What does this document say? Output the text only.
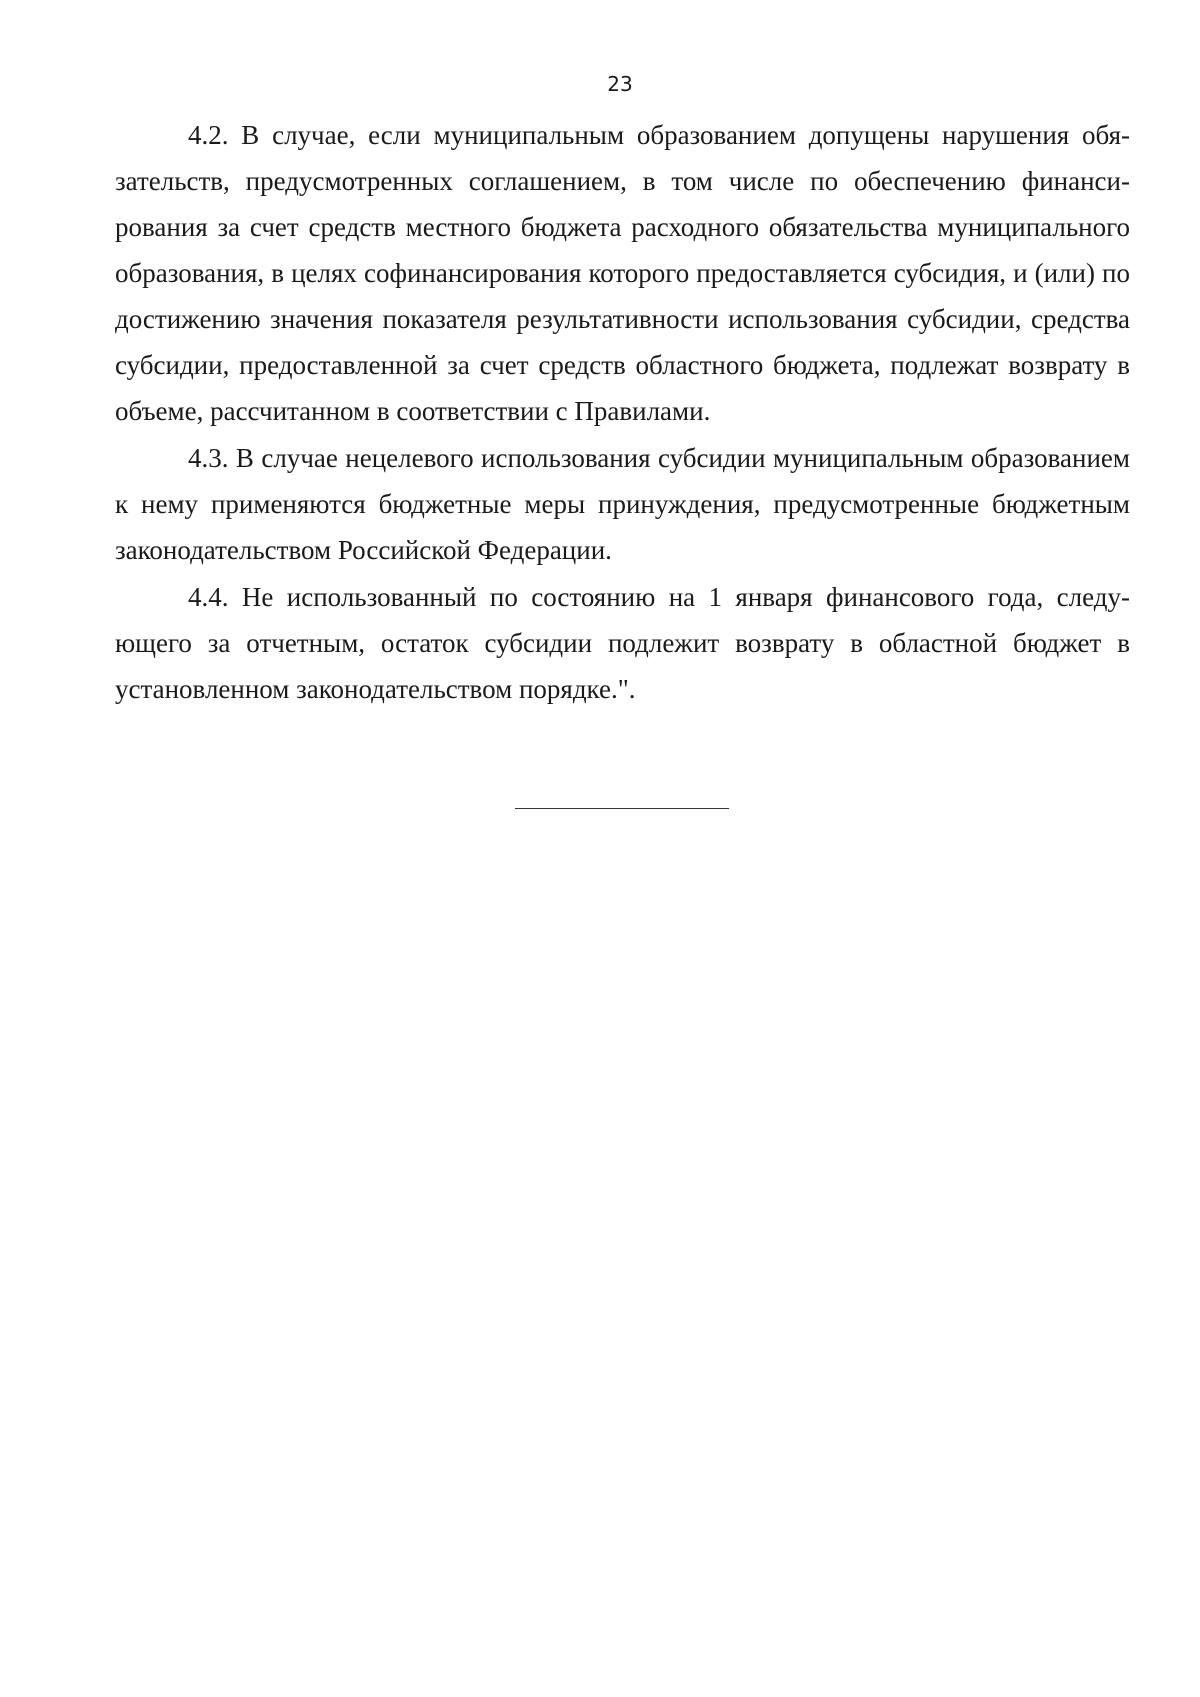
23

4.2. В случае, если муниципальным образованием допущены нарушения обязательств, предусмотренных соглашением, в том числе по обеспечению финансирования за счет средств местного бюджета расходного обязательства муниципального образования, в целях софинансирования которого предоставляется субсидия, и (или) по достижению значения показателя результативности использования субсидии, средства субсидии, предоставленной за счет средств областного бюджета, подлежат возврату в объеме, рассчитанном в соответствии с Правилами.

4.3. В случае нецелевого использования субсидии муниципальным образованием к нему применяются бюджетные меры принуждения, предусмотренные бюджетным законодательством Российской Федерации.

4.4. Не использованный по состоянию на 1 января финансового года, следующего за отчетным, остаток субсидии подлежит возврату в областной бюджет в установленном законодательством порядке.".
